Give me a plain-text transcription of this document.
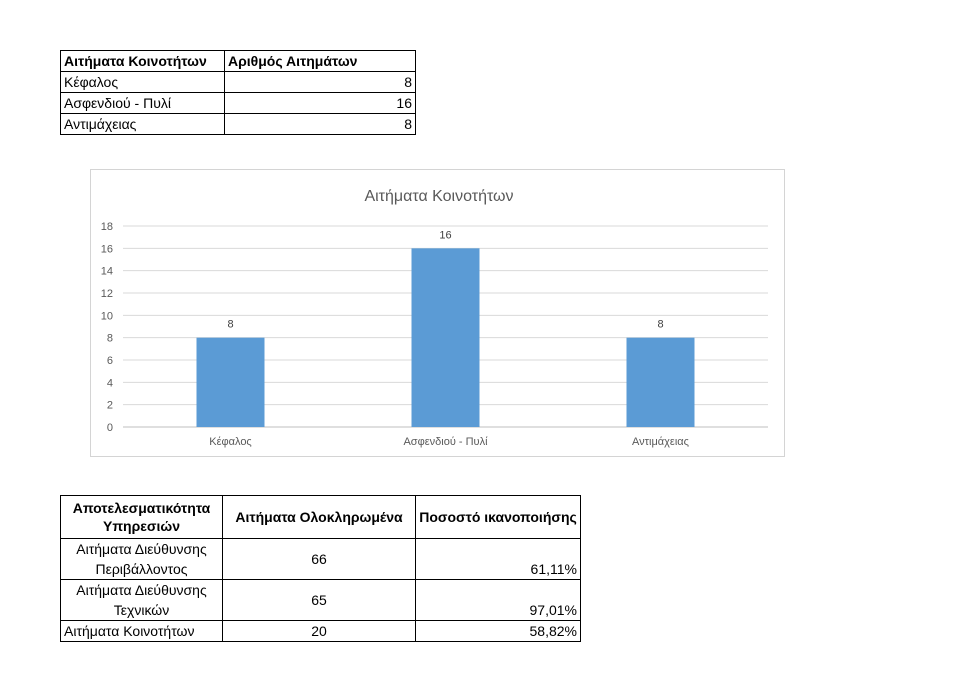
Αιτήματα Κοινοτήτων	Αριθμός Αιτημάτων
Κέφαλος	8
Ασφενδιού - Πυλί	16
Αντιμάχειας	8
Αιτήματα Κοινοτήτων
0
2
4
6
8
10
12
14
16
18
8
Κέφαλος
16
Ασφενδιού - Πυλί
8
Αντιμάχειας
Αποτελεσματικότητα Υπηρεσιών	Αιτήματα Ολοκληρωμένα	Ποσοστό ικανοποιήσης
Αιτήματα Διεύθυνσης Περιβάλλοντος	66	61,11%
Αιτήματα Διεύθυνσης Τεχνικών	65	97,01%
Αιτήματα Κοινοτήτων	20	58,82%
